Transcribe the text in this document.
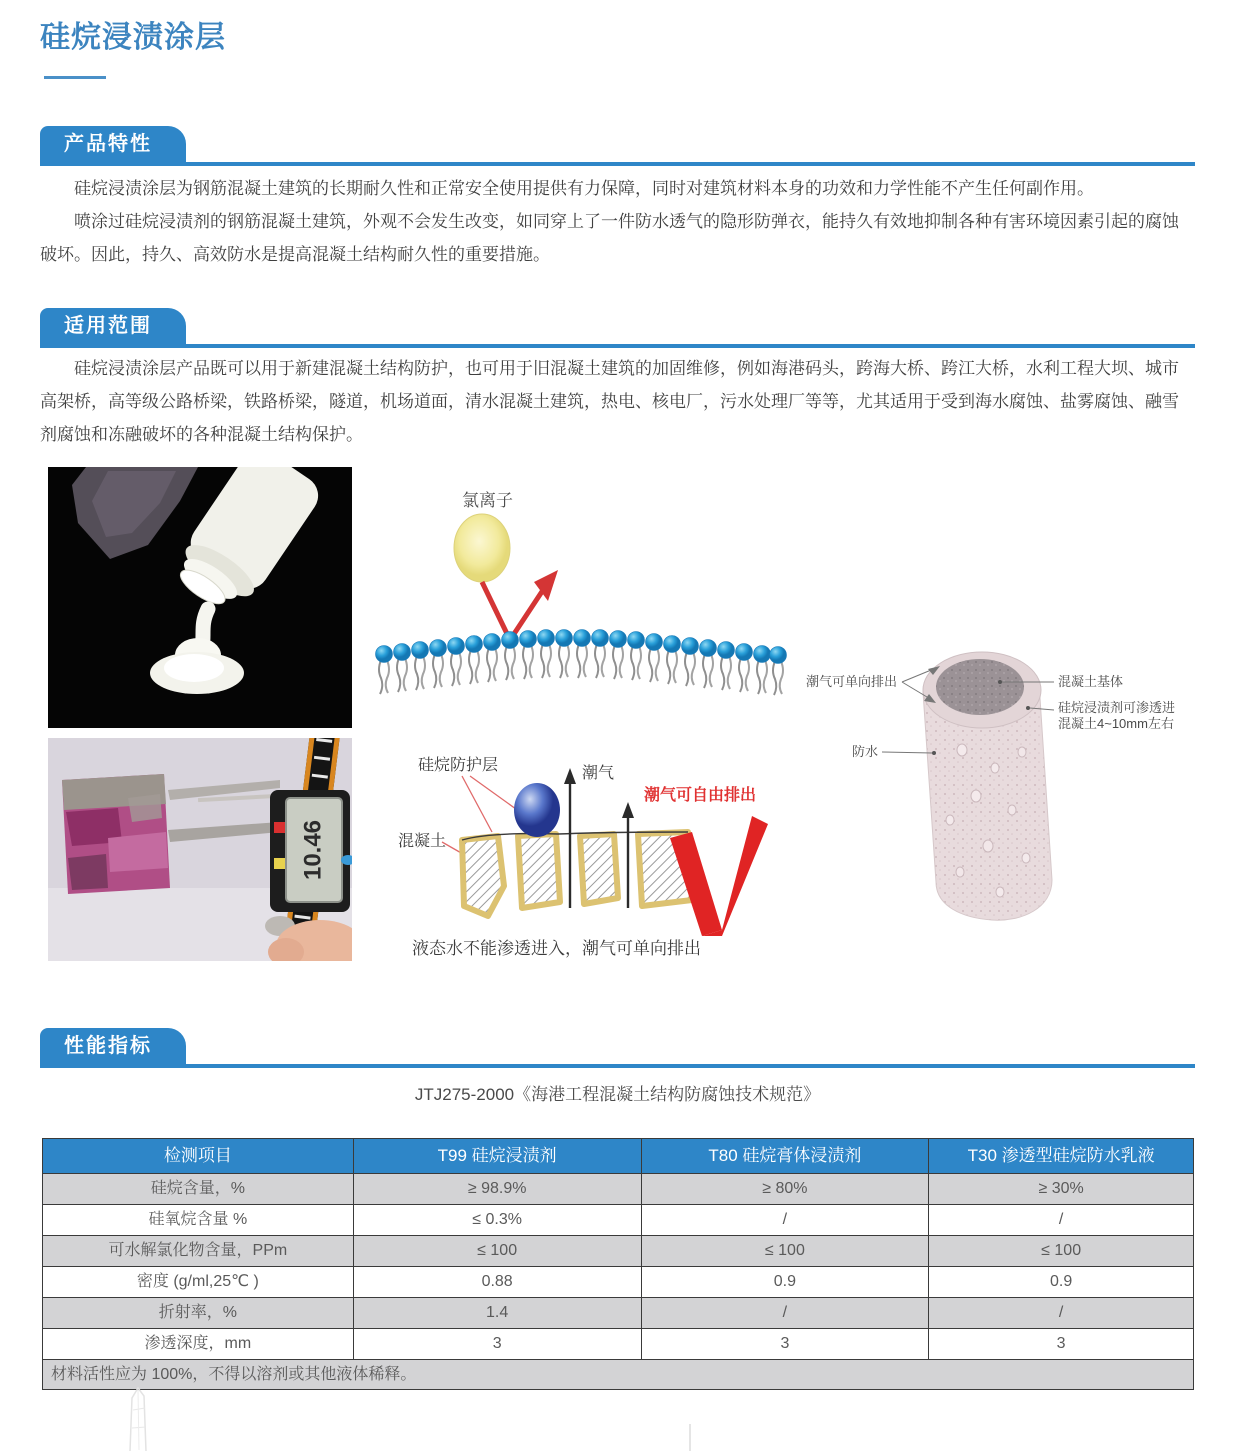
硅烷浸渍涂层
产品特性

硅烷浸渍涂层为钢筋混凝土建筑的长期耐久性和正常安全使用提供有力保障，同时对建筑材料本身的功效和力学性能不产生任何副作用。

喷涂过硅烷浸渍剂的钢筋混凝土建筑，外观不会发生改变，如同穿上了一件防水透气的隐形防弹衣，能持久有效地抑制各种有害环境因素引起的腐蚀破坏。因此，持久、高效防水是提高混凝土结构耐久性的重要措施。

适用范围

硅烷浸渍涂层产品既可以用于新建混凝土结构防护，也可用于旧混凝土建筑的加固维修，例如海港码头，跨海大桥、跨江大桥，水利工程大坝、城市高架桥，高等级公路桥梁，铁路桥梁，隧道，机场道面，清水混凝土建筑，热电、核电厂，污水处理厂等等，尤其适用于受到海水腐蚀、盐雾腐蚀、融雪剂腐蚀和冻融破坏的各种混凝土结构保护。

氯离子
10.46
硅烷防护层
混凝土
潮气
潮气可自由排出
液态水不能渗透进入，潮气可单向排出
潮气可单向排出	混凝土基体
硅烷浸渍剂可渗透进
混凝土4~10mm左右
防水
性能指标
JTJ275-2000《海港工程混凝土结构防腐蚀技术规范》
检测项目	T99 硅烷浸渍剂	T80 硅烷膏体浸渍剂	T30 渗透型硅烷防水乳液
硅烷含量，%	≥ 98.9%	≥ 80%	≥ 30%
硅氧烷含量 %	≤ 0.3%	/	/
可水解氯化物含量，PPm	≤ 100	≤ 100	≤ 100
密度 (g/ml,25℃ )	0.88	0.9	0.9
折射率，%	1.4	/	/
渗透深度，mm	3	3	3
材料活性应为 100%，不得以溶剂或其他液体稀释。			
